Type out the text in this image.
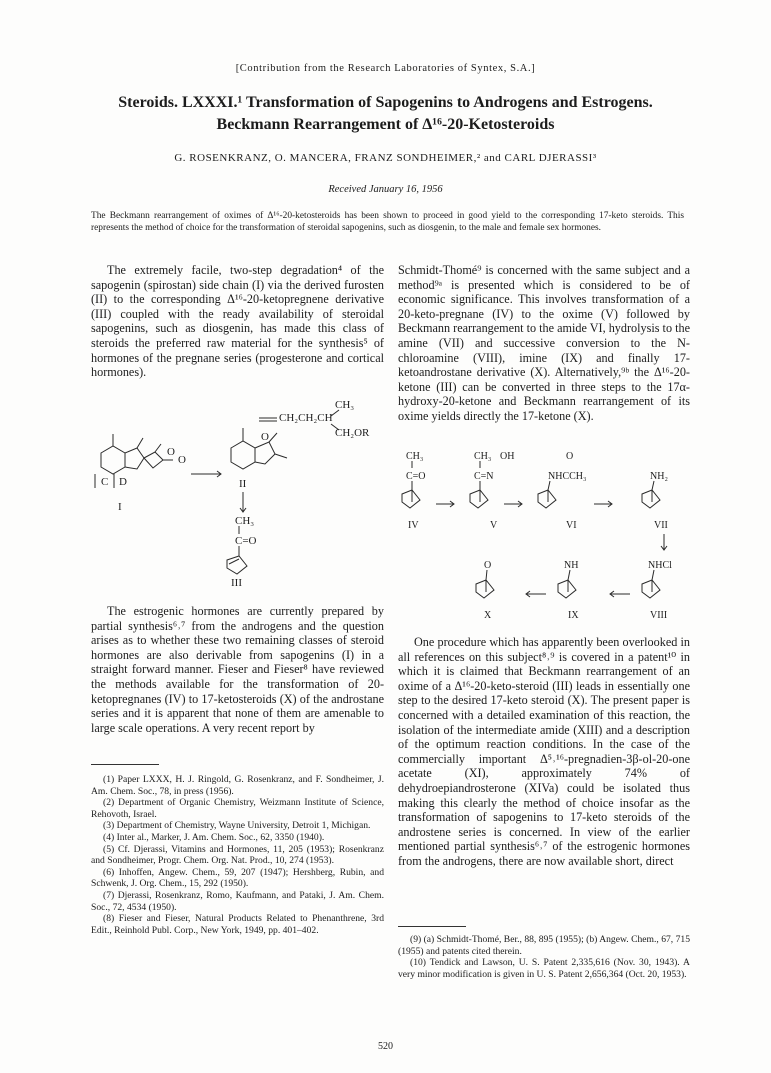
[Contribution from the Research Laboratories of Syntex, S.A.]
Steroids. LXXXI.¹ Transformation of Sapogenins to Androgens and Estrogens.
Beckmann Rearrangement of Δ¹⁶-20-Ketosteroids
G. ROSENKRANZ, O. MANCERA, FRANZ SONDHEIMER,² and CARL DJERASSI³
Received January 16, 1956
The Beckmann rearrangement of oximes of Δ¹⁶-20-ketosteroids has been shown to proceed in good yield to the corresponding 17-keto steroids. This represents the method of choice for the transformation of steroidal sapogenins, such as diosgenin, to the male and female sex hormones.

The extremely facile, two-step degradation⁴ of the sapogenin (spirostan) side chain (I) via the derived furosten (II) to the corresponding Δ¹⁶-20-ketopregnene derivative (III) coupled with the ready availability of steroidal sapogenins, such as diosgenin, has made this class of steroids the preferred raw material for the synthesis⁵ of hormones of the pregnane series (progesterone and cortical hormones).

O
O
C D
I
O
CH₂CH₂CH
CH₃
CH₂OR
II
CH₃
C=O
III

The estrogenic hormones are currently prepared by partial synthesis⁶˒⁷ from the androgens and the question arises as to whether these two remaining classes of steroid hormones are also derivable from sapogenins (I) in a straight forward manner. Fieser and Fieser⁸ have reviewed the methods available for the transformation of 20-ketopregnanes (IV) to 17-ketosteroids (X) of the androstane series and it is apparent that none of them are amenable to large scale operations. A very recent report by

(1) Paper LXXX, H. J. Ringold, G. Rosenkranz, and F. Sondheimer, J. Am. Chem. Soc., 78, in press (1956).

(2) Department of Organic Chemistry, Weizmann Institute of Science, Rehovoth, Israel.

(3) Department of Chemistry, Wayne University, Detroit 1, Michigan.

(4) Inter al., Marker, J. Am. Chem. Soc., 62, 3350 (1940).

(5) Cf. Djerassi, Vitamins and Hormones, 11, 205 (1953); Rosenkranz and Sondheimer, Progr. Chem. Org. Nat. Prod., 10, 274 (1953).

(6) Inhoffen, Angew. Chem., 59, 207 (1947); Hershberg, Rubin, and Schwenk, J. Org. Chem., 15, 292 (1950).

(7) Djerassi, Rosenkranz, Romo, Kaufmann, and Pataki, J. Am. Chem. Soc., 72, 4534 (1950).

(8) Fieser and Fieser, Natural Products Related to Phenanthrene, 3rd Edit., Reinhold Publ. Corp., New York, 1949, pp. 401–402.

Schmidt-Thomé⁹ is concerned with the same subject and a method⁹ᵃ is presented which is considered to be of economic significance. This involves transformation of a 20-keto-pregnane (IV) to the oxime (V) followed by Beckmann rearrangement to the amide VI, hydrolysis to the amine (VII) and successive conversion to the N-chloroamine (VIII), imine (IX) and finally 17-ketoandrostane derivative (X). Alternatively,⁹ᵇ the Δ¹⁶-20-ketone (III) can be converted in three steps to the 17α-hydroxy-20-ketone and Beckmann rearrangement of its oxime yields directly the 17-ketone (X).

CH₃
C=O
IV
CH₃ OH
C=N
V
O
NHCCH₃
VI
NH₂
VII
NHCl
VIII
NH
IX
O
X

One procedure which has apparently been overlooked in all references on this subject⁸˒⁹ is covered in a patent¹⁰ in which it is claimed that Beckmann rearrangement of an oxime of a Δ¹⁶-20-keto-steroid (III) leads in essentially one step to the desired 17-keto steroid (X). The present paper is concerned with a detailed examination of this reaction, the isolation of the intermediate amide (XIII) and a description of the optimum reaction conditions. In the case of the commercially important Δ⁵˒¹⁶-pregnadien-3β-ol-20-one acetate (XI), approximately 74% of dehydroepiandrosterone (XIVa) could be isolated thus making this clearly the method of choice insofar as the transformation of sapogenins to 17-keto steroids of the androstene series is concerned. In view of the earlier mentioned partial synthesis⁶˒⁷ of the estrogenic hormones from the androgens, there are now available short, direct

(9) (a) Schmidt-Thomé, Ber., 88, 895 (1955); (b) Angew. Chem., 67, 715 (1955) and patents cited therein.

(10) Tendick and Lawson, U. S. Patent 2,335,616 (Nov. 30, 1943). A very minor modification is given in U. S. Patent 2,656,364 (Oct. 20, 1953).

520
